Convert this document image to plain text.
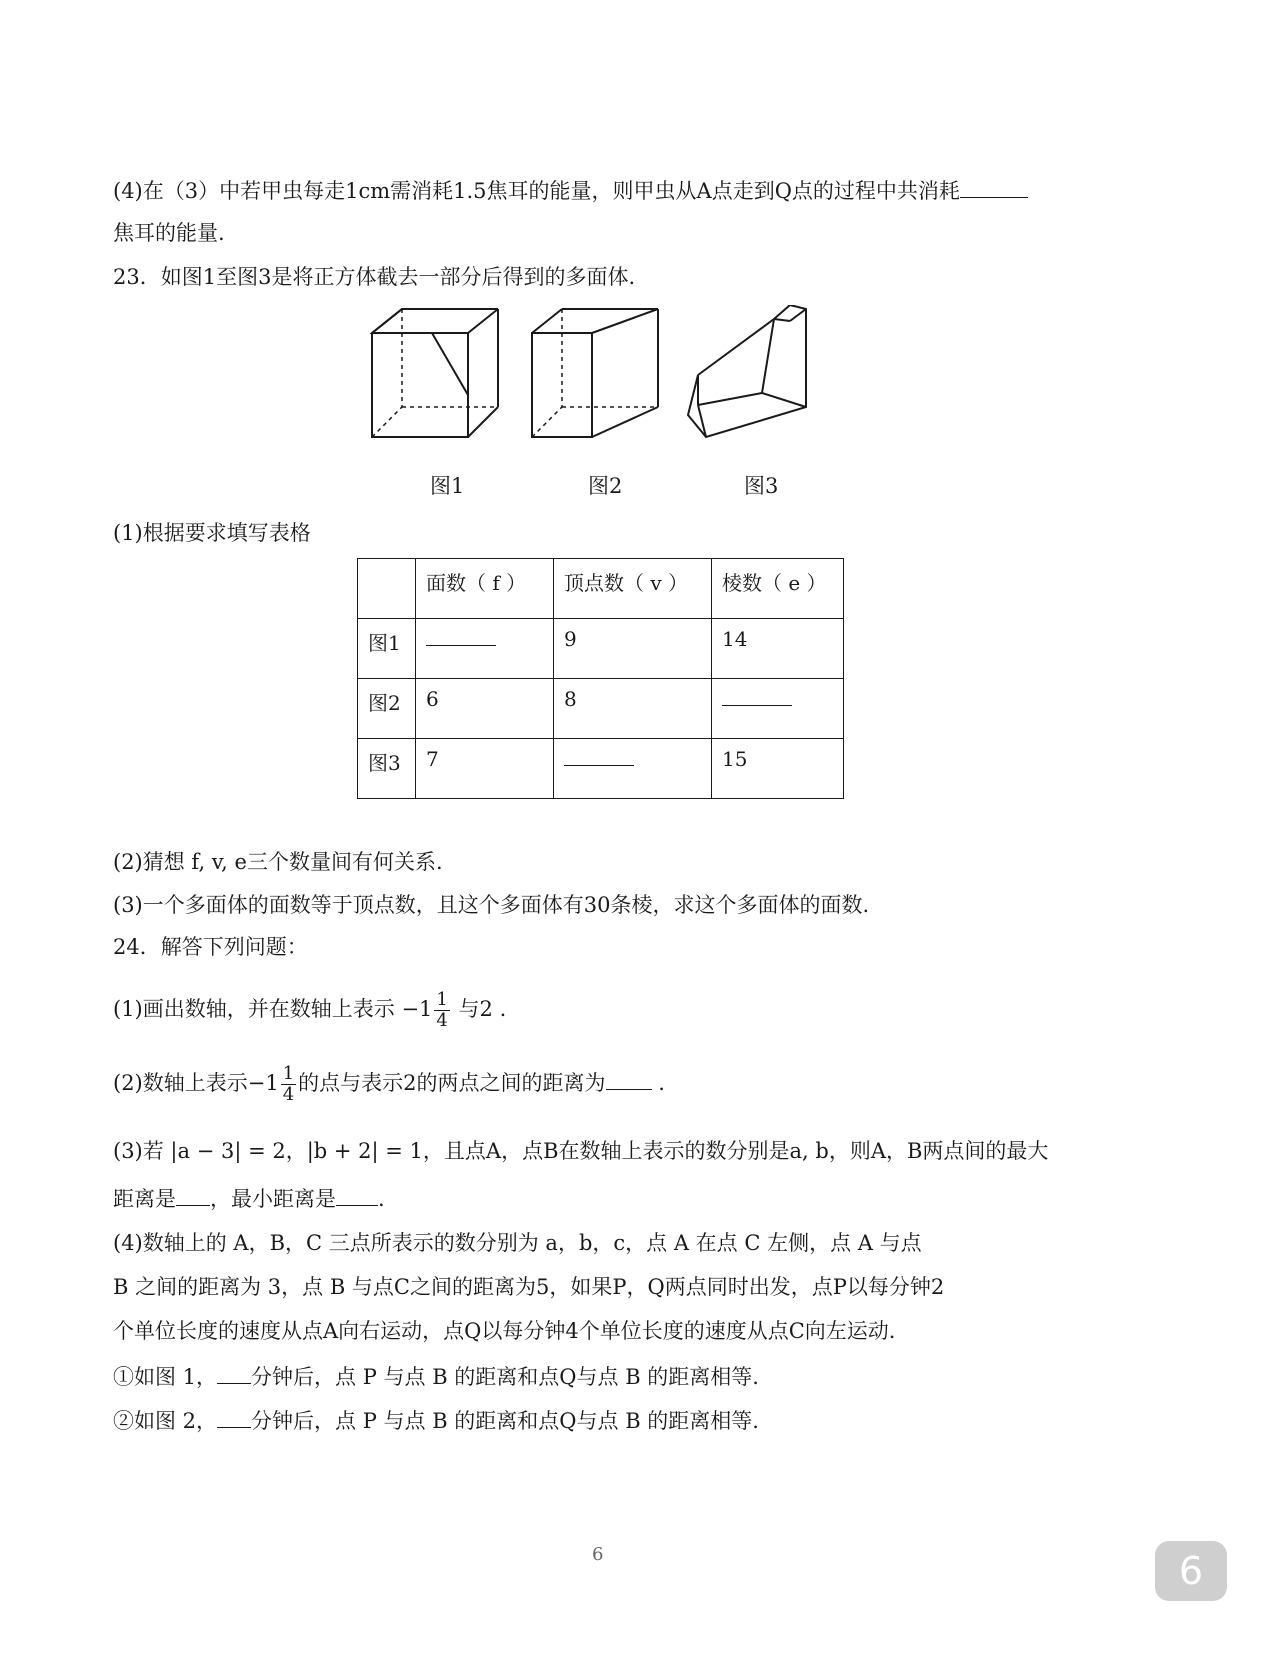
(4)在（3）中若甲虫每走1cm需消耗1.5焦耳的能量，则甲虫从A点走到Q点的过程中共消耗
焦耳的能量.
23．如图1至图3是将正方体截去一部分后得到的多面体.
图1	图2	图3
(1)根据要求填写表格
	面数（ f ）	顶点数（ v ）	棱数（ e ）
图1		9	14
图2	6	8	
图3	7		15
(2)猜想 f, v, e三个数量间有何关系.
(3)一个多面体的面数等于顶点数，且这个多面体有30条棱，求这个多面体的面数.
24．解答下列问题：
(1)画出数轴，并在数轴上表示 $-1 \frac{1}{4}$ 与2 .
(2)数轴上表示$-1 \frac{1}{4}$ 的点与表示2的两点之间的距离为 .
(3)若 |a − 3| = 2，|b + 2| = 1，且点A，点B在数轴上表示的数分别是a, b，则A，B两点间的最大
距离是 ，最小距离是 .
(4)数轴上的 A，B，C 三点所表示的数分别为 a，b，c，点 A 在点 C 左侧，点 A 与点
B 之间的距离为 3，点 B 与点C之间的距离为5，如果P，Q两点同时出发，点P以每分钟2
个单位长度的速度从点A向右运动，点Q以每分钟4个单位长度的速度从点C向左运动.
①如图 1， 分钟后，点 P 与点 B 的距离和点Q与点 B 的距离相等.
②如图 2， 分钟后，点 P 与点 B 的距离和点Q与点 B 的距离相等.
6	6
